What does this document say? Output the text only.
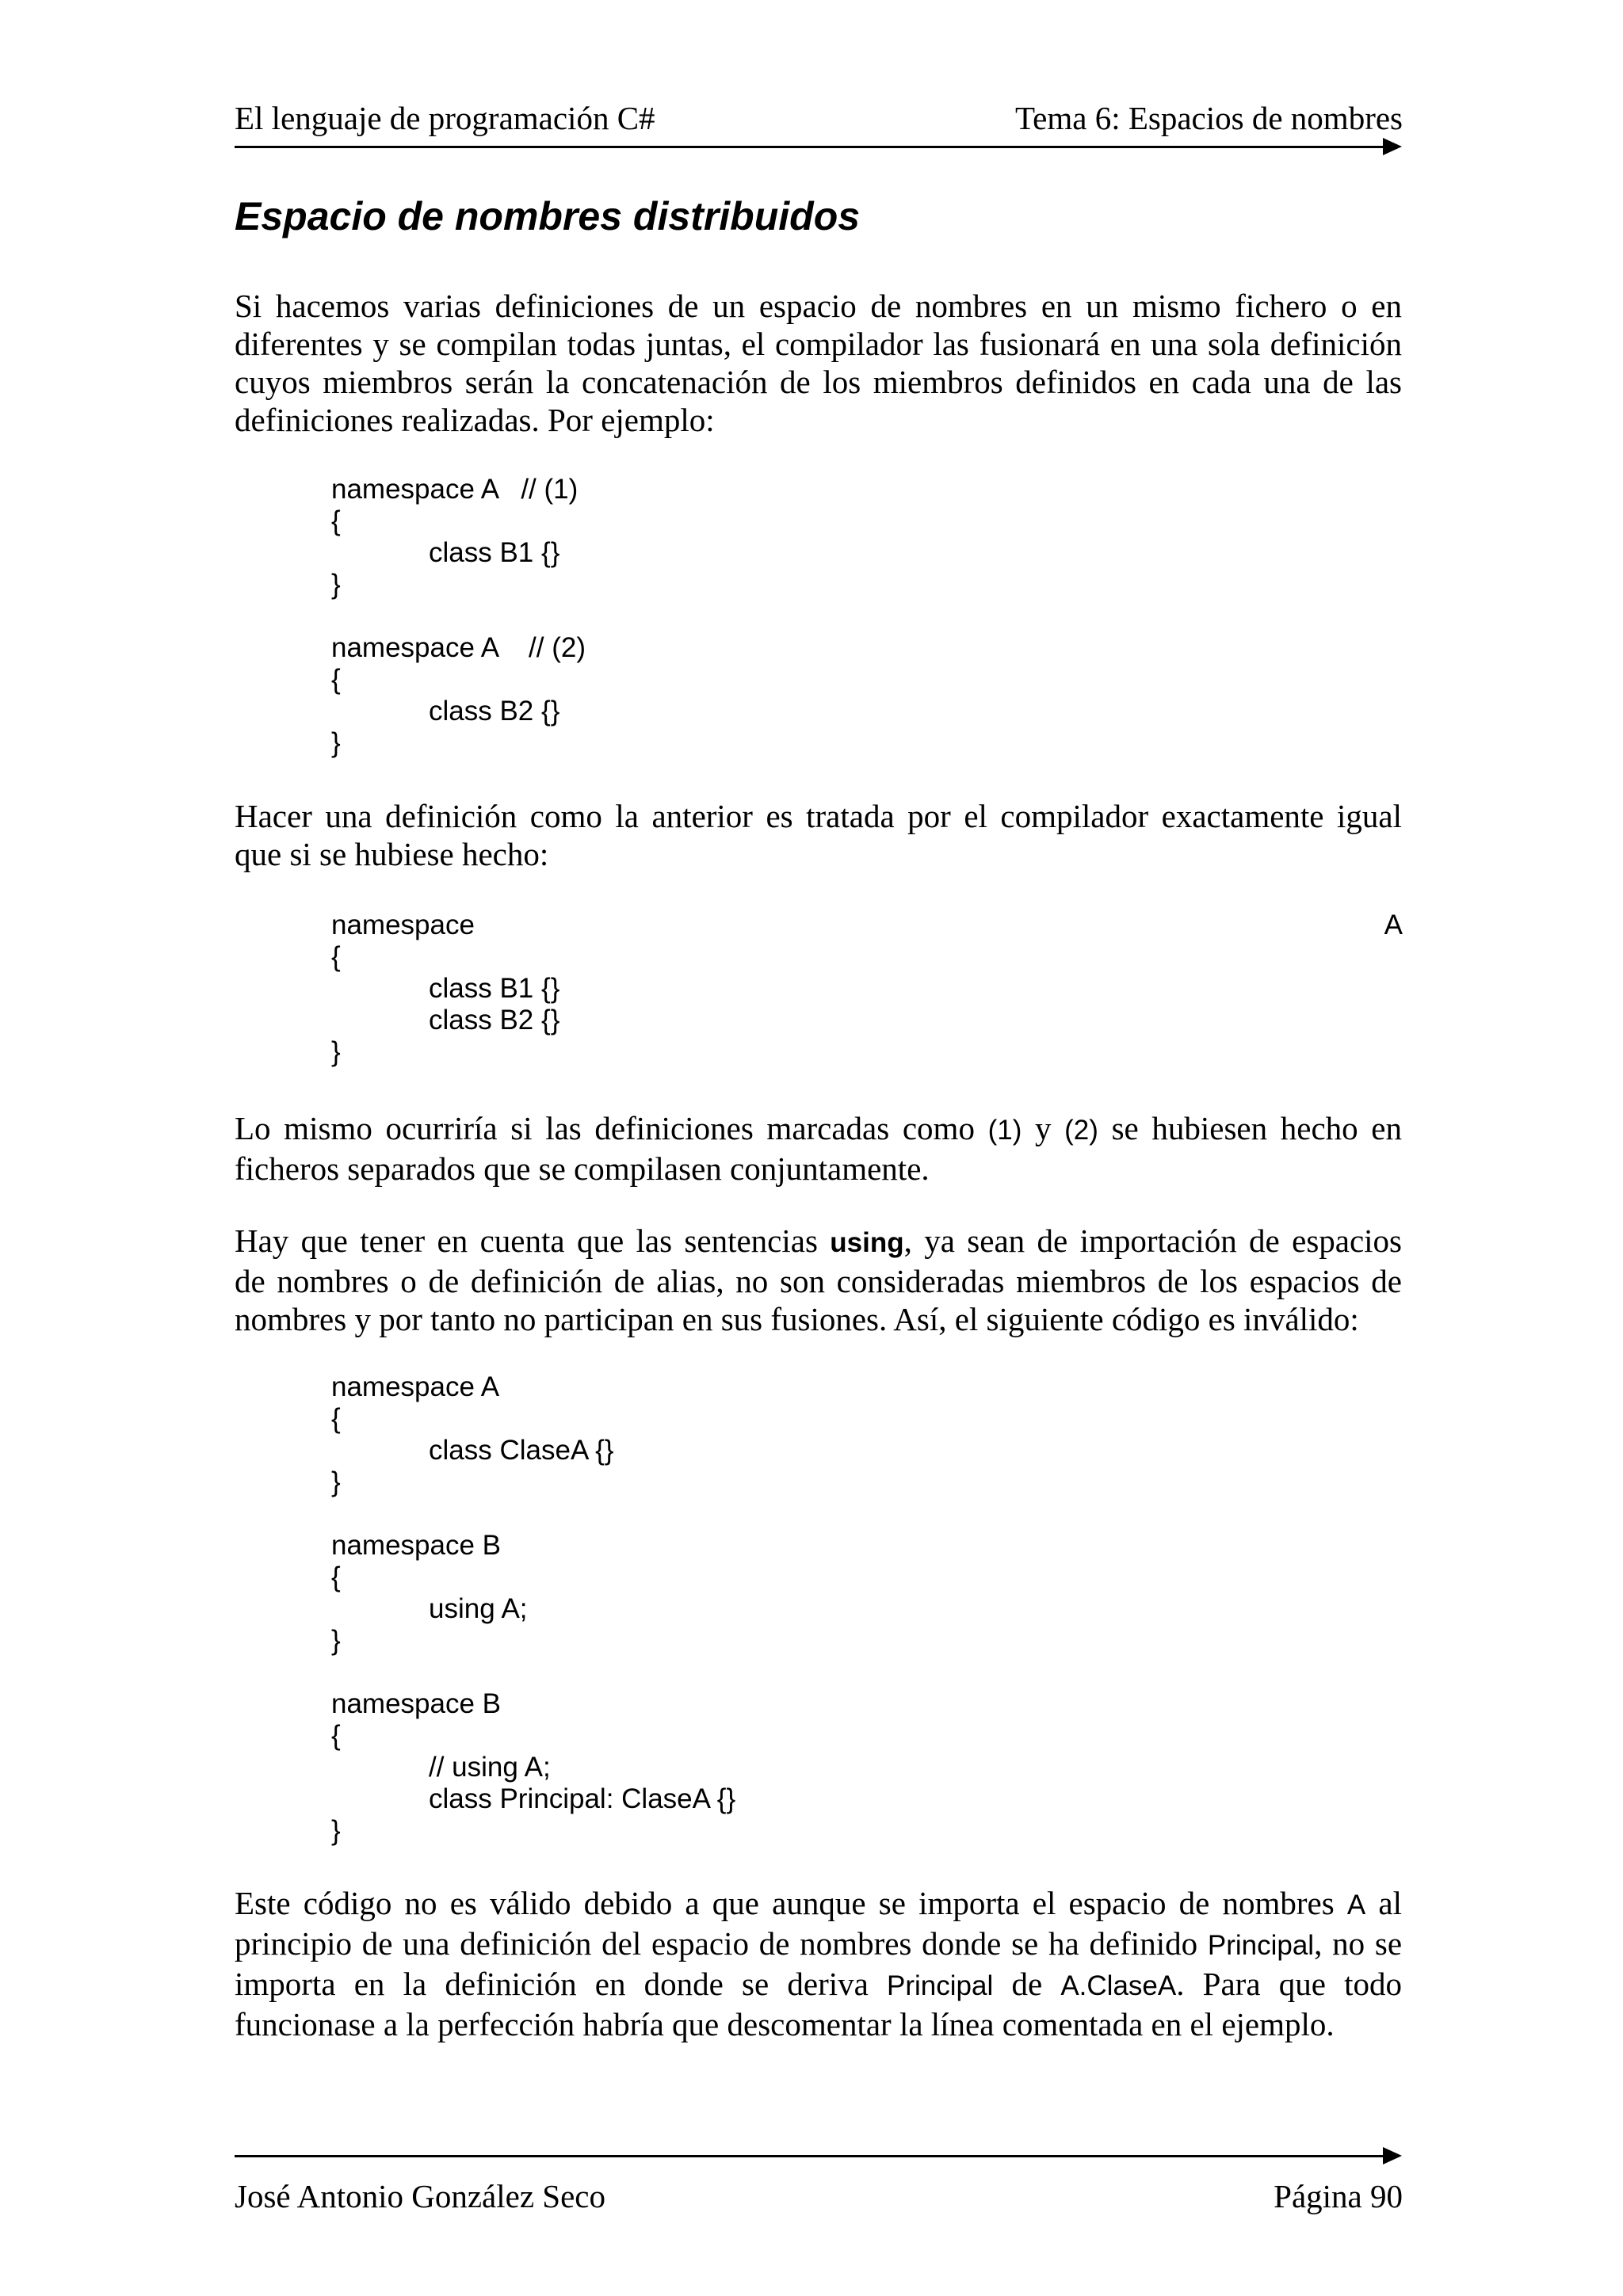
El lenguaje de programación C#	Tema 6: Espacios de nombres
Espacio de nombres distribuidos

Si hacemos varias definiciones de un espacio de nombres en un mismo fichero o en
diferentes y se compilan todas juntas, el compilador las fusionará en una sola definición
cuyos miembros serán la concatenación de los miembros definidos en cada una de las
definiciones realizadas. Por ejemplo:

namespace A   // (1)
{
class B1 {}
}
namespace A    // (2)
{
class B2 {}
}

Hacer una definición como la anterior es tratada por el compilador exactamente igual
que si se hubiese hecho:

namespace	A
{
class B1 {}
class B2 {}
}

Lo mismo ocurriría si las definiciones marcadas como (1) y (2) se hubiesen hecho en
ficheros separados que se compilasen conjuntamente.

Hay que tener en cuenta que las sentencias using, ya sean de importación de espacios
de nombres o de definición de alias, no son consideradas miembros de los espacios de
nombres y por tanto no participan en sus fusiones. Así, el siguiente código es inválido:

namespace A
{
class ClaseA {}
}
namespace B
{
using A;
}
namespace B
{
// using A;
class Principal: ClaseA {}
}

Este código no es válido debido a que aunque se importa el espacio de nombres A al
principio de una definición del espacio de nombres donde se ha definido Principal, no se
importa en la definición en donde se deriva Principal de A.ClaseA. Para que todo
funcionase a la perfección habría que descomentar la línea comentada en el ejemplo.

José Antonio González Seco	Página 90
